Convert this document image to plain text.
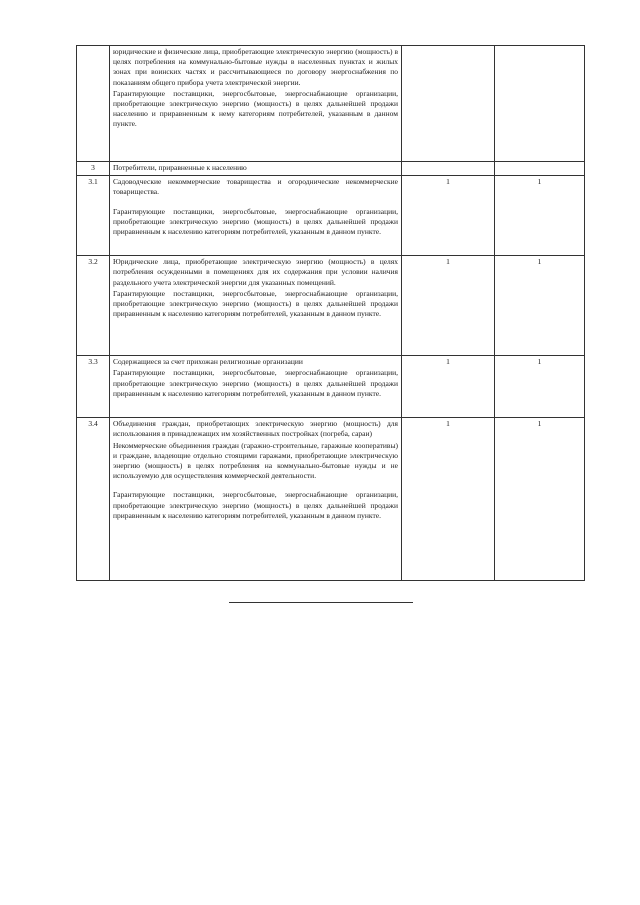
	юридические и физические лица, приобретающие электрическую энергию (мощность) в целях потребления на коммунально-бытовые нужды в населенных пунктах и жилых зонах при воинских частях и рассчитывающиеся по договору энергоснабжения по показаниям общего прибора учета электрической энергии.

Гарантирующие поставщики, энергосбытовые, энергоснабжающие организации, приобретающие электрическую энергию (мощность) в целях дальнейшей продажи населению и приравненным к нему категориям потребителей, указанным в данном пункте.		

3	Потребители, приравненные к населению		

3.1	Садоводческие некоммерческие товарищества и огороднические некоммерческие товарищества.

Гарантирующие поставщики, энергосбытовые, энергоснабжающие организации, приобретающие электрическую энергию (мощность) в целях дальнейшей продажи приравненным к населению категориям потребителей, указанным в данном пункте.	1	1
3.2	Юридические лица, приобретающие электрическую энергию (мощность) в целях потребления осужденными в помещениях для их содержания при условии наличия раздельного учета электрической энергии для указанных помещений.

Гарантирующие поставщики, энергосбытовые, энергоснабжающие организации, приобретающие электрическую энергию (мощность) в целях дальнейшей продажи приравненным к населению категориям потребителей, указанным в данном пункте.	1	1
3.3	Содержащиеся за счет прихожан религиозные организации

Гарантирующие поставщики, энергосбытовые, энергоснабжающие организации, приобретающие электрическую энергию (мощность) в целях дальнейшей продажи приравненным к населению категориям потребителей, указанным в данном пункте.	1	1
3.4	Объединения граждан, приобретающих электрическую энергию (мощность) для использования в принадлежащих им хозяйственных постройках (погреба, сараи)

Некоммерческие объединения граждан (гаражно-строительные, гаражные кооперативы) и граждане, владеющие отдельно стоящими гаражами, приобретающие электрическую энергию (мощность) в целях потребления на коммунально-бытовые нужды и не используемую для осуществления коммерческой деятельности.

Гарантирующие поставщики, энергосбытовые, энергоснабжающие организации, приобретающие электрическую энергию (мощность) в целях дальнейшей продажи приравненным к населению категориям потребителей, указанным в данном пункте.	1	1
